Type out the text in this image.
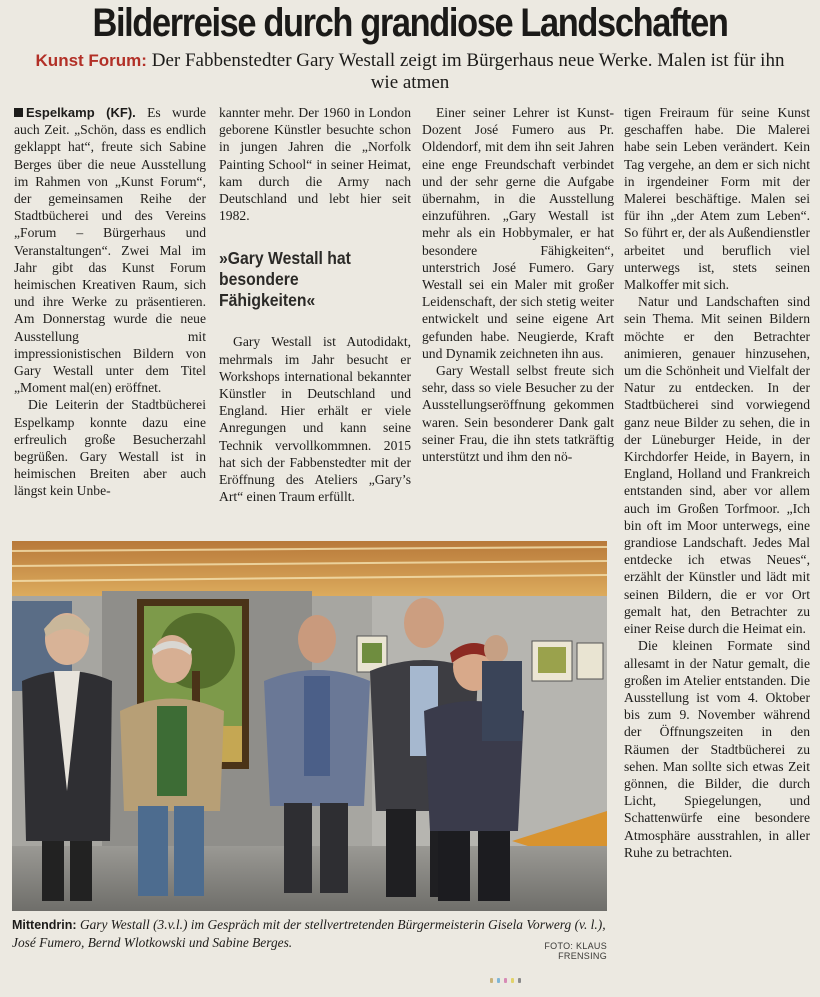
Bilderreise durch grandiose Landschaften

Kunst Forum: Der Fabbenstedter Gary Westall zeigt im Bürgerhaus neue Werke. Malen ist für ihn wie atmen

Espelkamp (KF). Es wurde auch Zeit. „Schön, dass es endlich geklappt hat“, freute sich Sabine Berges über die neue Ausstellung im Rahmen von „Kunst Forum“, der gemeinsamen Reihe der Stadtbücherei und des Vereins „Forum – Bürgerhaus und Veranstaltungen“. Zwei Mal im Jahr gibt das Kunst Forum heimischen Kreativen Raum, sich und ihre Werke zu präsentieren. Am Donnerstag wurde die neue Ausstellung mit impressionistischen Bildern von Gary Westall unter dem Titel „Moment mal(en) eröffnet.

Die Leiterin der Stadtbücherei Espelkamp konnte dazu eine erfreulich große Besucherzahl begrüßen. Gary Westall ist in heimischen Breiten aber auch längst kein Unbe-

kannter mehr. Der 1960 in London geborene Künstler besuchte schon in jungen Jahren die „Norfolk Painting School“ in seiner Heimat, kam durch die Army nach Deutschland und lebt hier seit 1982.

»Gary Westall hat besondere Fähigkeiten«

Gary Westall ist Autodidakt, mehrmals im Jahr besucht er Workshops international bekannter Künstler in Deutschland und England. Hier erhält er viele Anregungen und kann seine Technik vervollkommnen. 2015 hat sich der Fabbenstedter mit der Eröffnung des Ateliers „Gary’s Art“ einen Traum erfüllt.

Einer seiner Lehrer ist Kunst-Dozent José Fumero aus Pr. Oldendorf, mit dem ihn seit Jahren eine enge Freundschaft verbindet und der sehr gerne die Aufgabe übernahm, in die Ausstellung einzuführen. „Gary Westall ist mehr als ein Hobbymaler, er hat besondere Fähigkeiten“, unterstrich José Fumero. Gary Westall sei ein Maler mit großer Leidenschaft, der sich stetig weiter entwickelt und seine eigene Art gefunden habe. Neugierde, Kraft und Dynamik zeichneten ihn aus.

Gary Westall selbst freute sich sehr, dass so viele Besucher zu der Ausstellungseröffnung gekommen waren. Sein besonderer Dank galt seiner Frau, die ihn stets tatkräftig unterstützt und ihm den nö-

tigen Freiraum für seine Kunst geschaffen habe. Die Malerei habe sein Leben verändert. Kein Tag vergehe, an dem er sich nicht in irgendeiner Form mit der Malerei beschäftige. Malen sei für ihn „der Atem zum Leben“. So führt er, der als Außendienstler arbeitet und beruflich viel unterwegs ist, stets seinen Malkoffer mit sich.

Natur und Landschaften sind sein Thema. Mit seinen Bildern möchte er den Betrachter animieren, genauer hinzusehen, um die Schönheit und Vielfalt der Natur zu entdecken. In der Stadtbücherei sind vorwiegend ganz neue Bilder zu sehen, die in der Lüneburger Heide, in der Kirchdorfer Heide, in Bayern, in England, Holland und Frankreich entstanden sind, aber vor allem auch im Großen Torfmoor. „Ich bin oft im Moor unterwegs, eine grandiose Landschaft. Jedes Mal entdecke ich etwas Neues“, erzählt der Künstler und lädt mit seinen Bildern, die er vor Ort gemalt hat, den Betrachter zu einer Reise durch die Heimat ein.

Die kleinen Formate sind allesamt in der Natur gemalt, die großen im Atelier entstanden. Die Ausstellung ist vom 4. Oktober bis zum 9. November während der Öffnungszeiten in den Räumen der Stadtbücherei zu sehen. Man sollte sich etwas Zeit gönnen, die Bilder, die durch Licht, Spiegelungen, und Schattenwürfe eine besondere Atmosphäre ausstrahlen, in aller Ruhe zu betrachten.

Mittendrin: Gary Westall (3.v.l.) im Gespräch mit der stellvertretenden Bürgermeisterin Gisela Vorwerg (v. l.), José Fumero, Bernd Wlotkowski und Sabine Berges.	FOTO: KLAUS FRENSING
